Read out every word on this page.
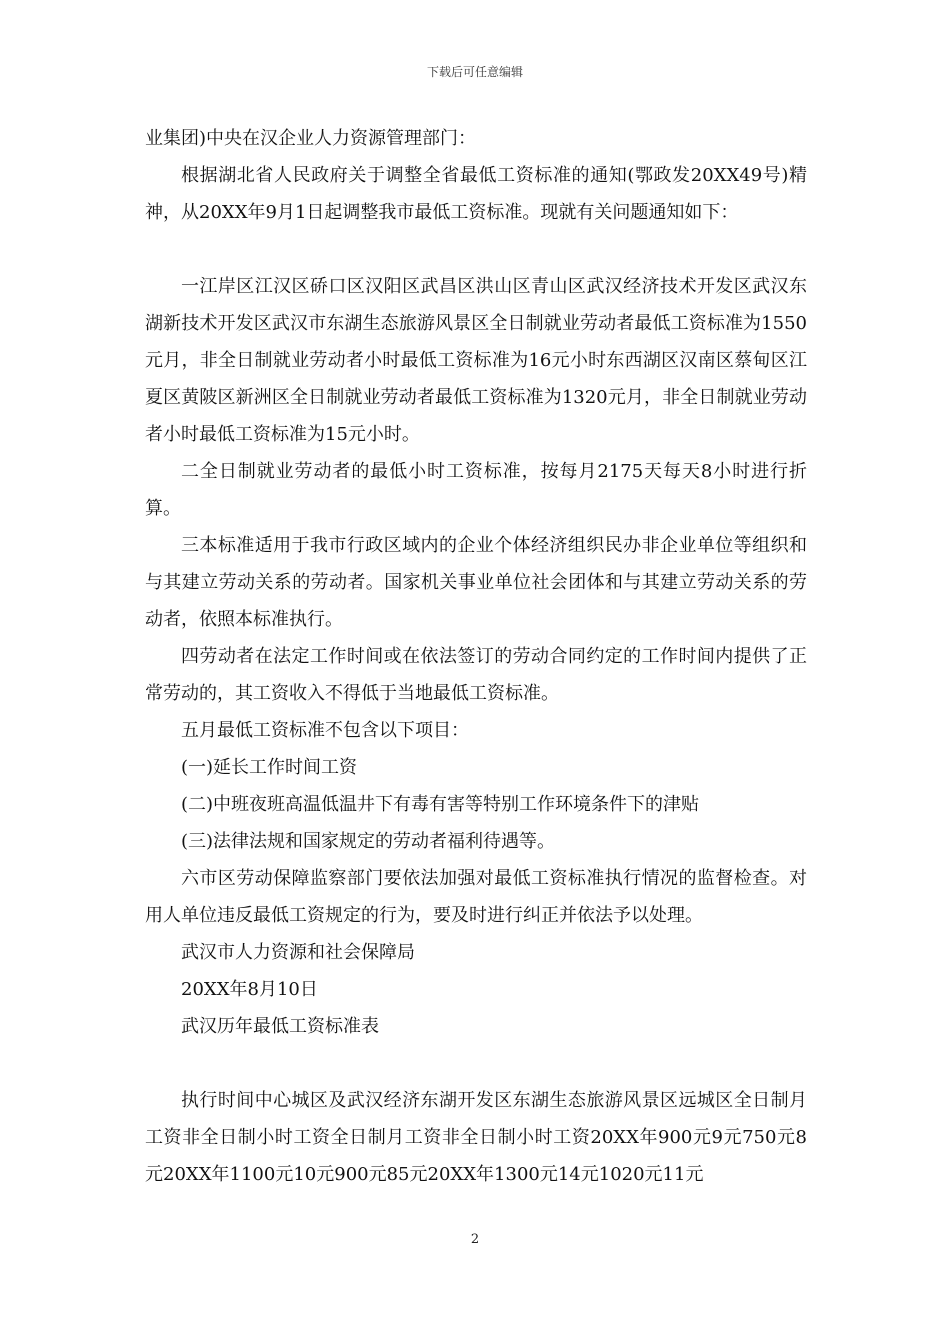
下载后可任意编辑

业集团)中央在汉企业人力资源管理部门：

根据湖北省人民政府关于调整全省最低工资标准的通知(鄂政发20XX49号)精神，从20XX年9月1日起调整我市最低工资标准。现就有关问题通知如下：

一江岸区江汉区硚口区汉阳区武昌区洪山区青山区武汉经济技术开发区武汉东湖新技术开发区武汉市东湖生态旅游风景区全日制就业劳动者最低工资标准为1550元月，非全日制就业劳动者小时最低工资标准为16元小时东西湖区汉南区蔡甸区江夏区黄陂区新洲区全日制就业劳动者最低工资标准为1320元月，非全日制就业劳动者小时最低工资标准为15元小时。

二全日制就业劳动者的最低小时工资标准，按每月2175天每天8小时进行折算。

三本标准适用于我市行政区域内的企业个体经济组织民办非企业单位等组织和与其建立劳动关系的劳动者。国家机关事业单位社会团体和与其建立劳动关系的劳动者，依照本标准执行。

四劳动者在法定工作时间或在依法签订的劳动合同约定的工作时间内提供了正常劳动的，其工资收入不得低于当地最低工资标准。

五月最低工资标准不包含以下项目：

(一)延长工作时间工资

(二)中班夜班高温低温井下有毒有害等特别工作环境条件下的津贴

(三)法律法规和国家规定的劳动者福利待遇等。

六市区劳动保障监察部门要依法加强对最低工资标准执行情况的监督检查。对用人单位违反最低工资规定的行为，要及时进行纠正并依法予以处理。

武汉市人力资源和社会保障局

20XX年8月10日

武汉历年最低工资标准表

执行时间中心城区及武汉经济东湖开发区东湖生态旅游风景区远城区全日制月工资非全日制小时工资全日制月工资非全日制小时工资20XX年900元9元750元8元20XX年1100元10元900元85元20XX年1300元14元1020元11元

2
